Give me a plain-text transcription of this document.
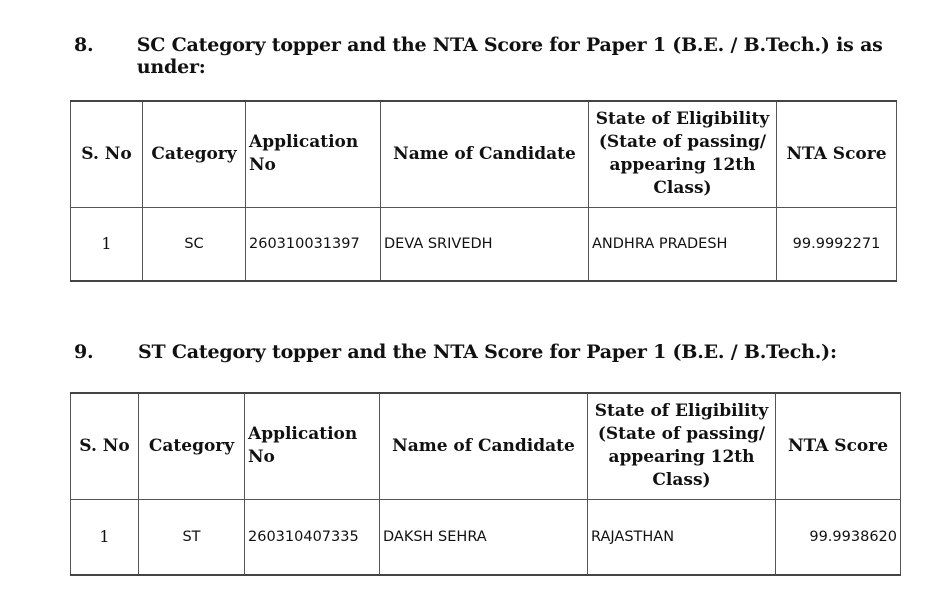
8.	SC Category topper and the NTA Score for Paper 1 (B.E. / B.Tech.) is as under:
S. No	Category	Application No	Name of Candidate	State of Eligibility (State of passing/ appearing 12th Class)	NTA Score
1	SC	260310031397	DEVA SRIVEDH	ANDHRA PRADESH	99.9992271
9.	ST Category topper and the NTA Score for Paper 1 (B.E. / B.Tech.):
S. No	Category	Application No	Name of Candidate	State of Eligibility (State of passing/ appearing 12th Class)	NTA Score
1	ST	260310407335	DAKSH SEHRA	RAJASTHAN	99.9938620
